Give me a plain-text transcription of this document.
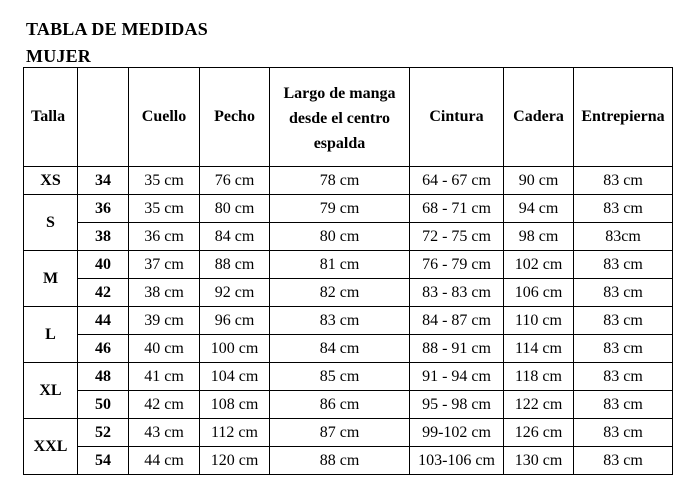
TABLA DE MEDIDAS
MUJER
Talla		Cuello	Pecho	Largo de manga
desde el centro
espalda	Cintura	Cadera	Entrepierna
XS	34	35 cm	76 cm	78 cm	64 - 67 cm	90 cm	83 cm
S	36	35 cm	80 cm	79 cm	68 - 71 cm	94 cm	83 cm
	38	36 cm	84 cm	80 cm	72 - 75 cm	98 cm	83cm
M	40	37 cm	88 cm	81 cm	76 - 79 cm	102 cm	83 cm
	42	38 cm	92 cm	82 cm	83 - 83 cm	106 cm	83 cm
L	44	39 cm	96 cm	83 cm	84 - 87 cm	110 cm	83 cm
	46	40 cm	100 cm	84 cm	88 - 91 cm	114 cm	83 cm
XL	48	41 cm	104 cm	85 cm	91 - 94 cm	118 cm	83 cm
	50	42 cm	108 cm	86 cm	95 - 98 cm	122 cm	83 cm
XXL	52	43 cm	112 cm	87 cm	99-102 cm	126 cm	83 cm
	54	44 cm	120 cm	88 cm	103-106 cm	130 cm	83 cm
